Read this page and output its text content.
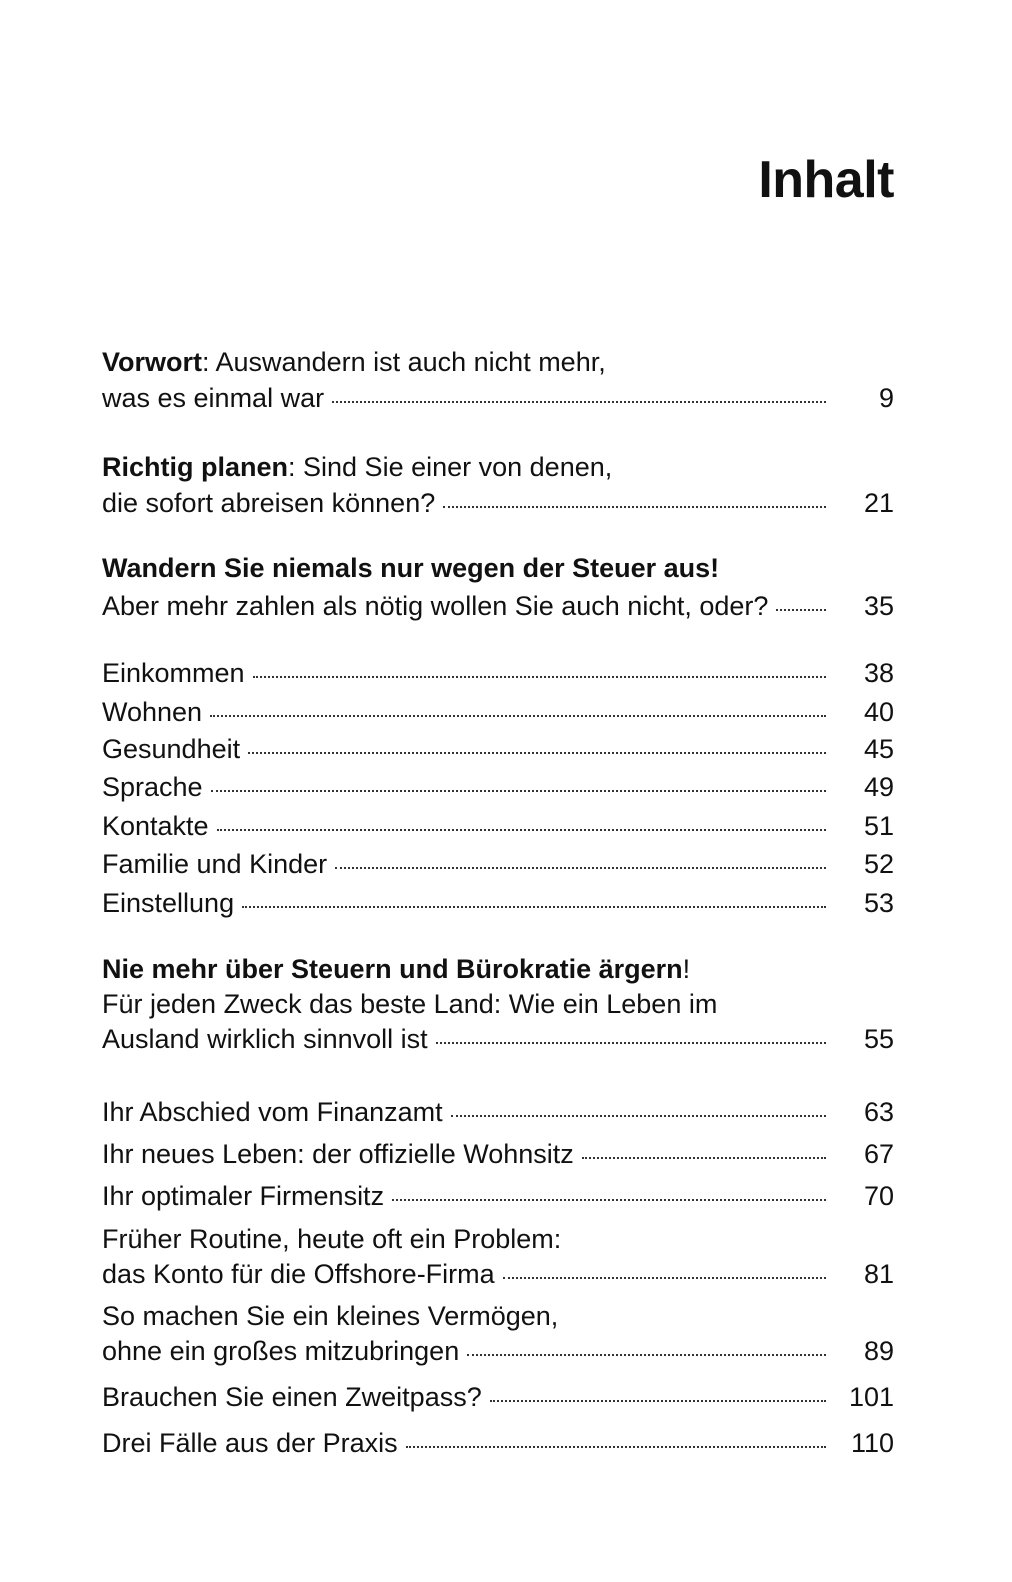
Inhalt
Vorwort: Auswandern ist auch nicht mehr,
was es einmal war	9
Richtig planen: Sind Sie einer von denen,
die sofort abreisen können?	21
Wandern Sie niemals nur wegen der Steuer aus!
Aber mehr zahlen als nötig wollen Sie auch nicht, oder?	35
Einkommen	38
Wohnen	40
Gesundheit	45
Sprache	49
Kontakte	51
Familie und Kinder	52
Einstellung	53
Nie mehr über Steuern und Bürokratie ärgern!
Für jeden Zweck das beste Land: Wie ein Leben im
Ausland wirklich sinnvoll ist	55
Ihr Abschied vom Finanzamt	63
Ihr neues Leben: der offizielle Wohnsitz	67
Ihr optimaler Firmensitz	70
Früher Routine, heute oft ein Problem:
das Konto für die Offshore-Firma	81
So machen Sie ein kleines Vermögen,
ohne ein großes mitzubringen	89
Brauchen Sie einen Zweitpass?	101
Drei Fälle aus der Praxis	110
